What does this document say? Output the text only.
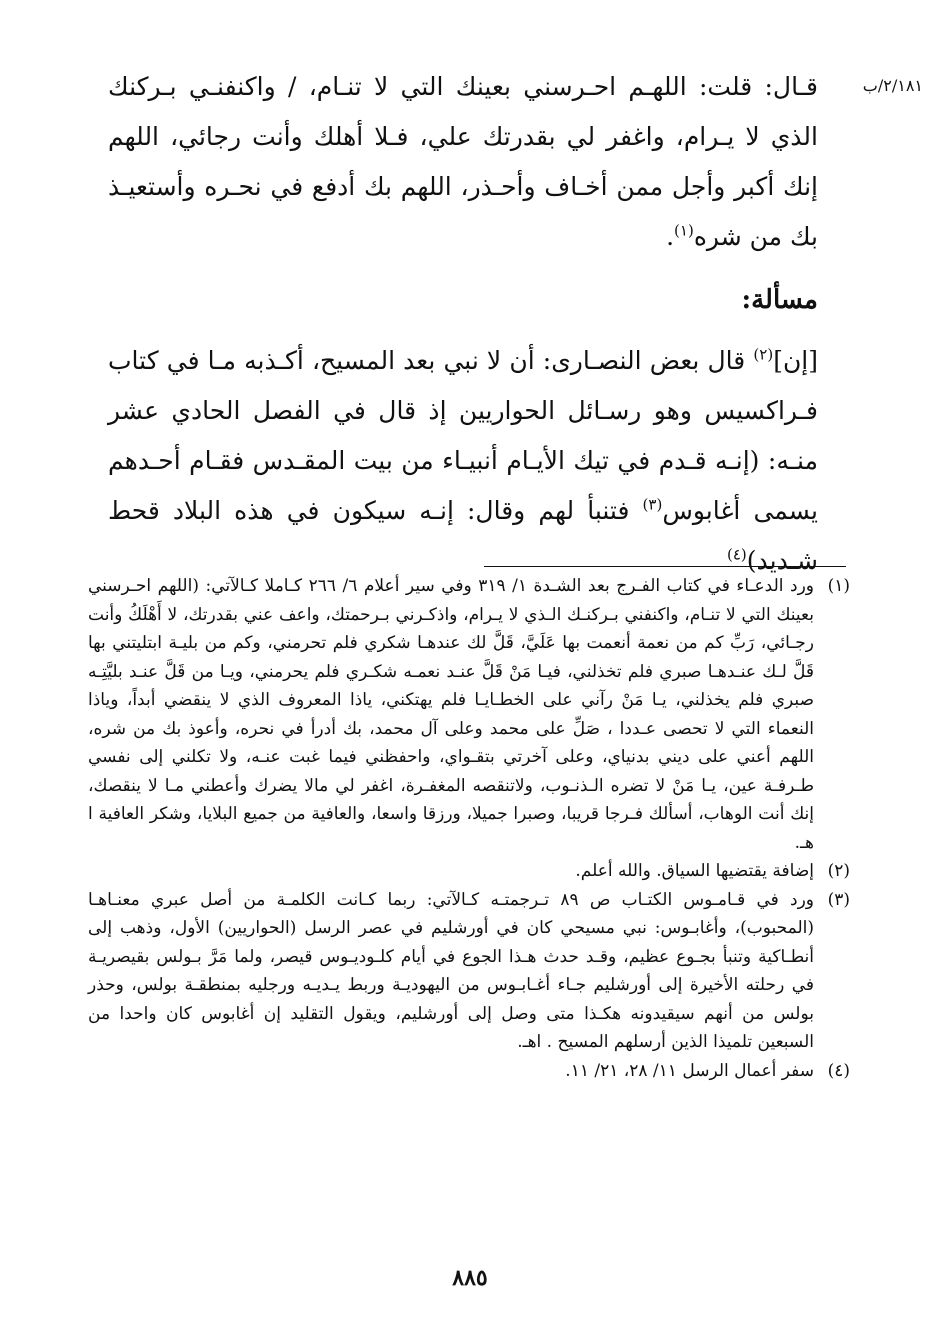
٢/١٨١/ب

قـال: قلت: اللهـم احـرسني بعينك التي لا تنـام، / واكنفنـي بـركنك الذي لا يـرام، واغفر لي بقدرتك علي، فـلا أهلك وأنت رجائي، اللهم إنك أكبر وأجل ممن أخـاف وأحـذر، اللهم بك أدفع في نحـره وأستعيـذ بك من شره$^{(١)}$.

مسألة:

[إن]$^{(٢)}$ قال بعض النصـارى: أن لا نبي بعد المسيح، أكـذبه مـا في كتاب فـراكسيس وهو رسـائل الحواريين إذ قال في الفصل الحادي عشر منـه: (إنـه قـدم في تيك الأيـام أنبيـاء من بيت المقـدس فقـام أحـدهم يسمى أغابوس$^{(٣)}$ فتنبأ لهم وقال: إنـه سيكون في هذه البلاد قحط شـديد)$^{(٤)}$

(١)ورد الدعـاء في كتاب الفـرج بعد الشـدة ١/ ٣١٩ وفي سير أعلام ٦/ ٢٦٦ كـاملا كـالآتي: (اللهم احـرسني بعينك التي لا تنـام، واكنفني بـركنـك الـذي لا يـرام، واذكـرني بـرحمتك، واعف عني بقدرتك، لا أَهْلَكُ وأنت رجـائي، رَبِّ كم من نعمة أنعمت بها عَلَيَّ، قَلَّ لك عندهـا شكري فلم تحرمني، وكم من بليـة ابتليتني بها قَلَّ لـك عنـدهـا صبري فلم تخذلني، فيـا مَنْ قَلَّ عنـد نعمـه شكـري فلم يحرمني، ويـا من قَلَّ عنـد بليَّتِـه صبري فلم يخذلني، يـا مَنْ رآني على الخطـايـا فلم يهتكني، ياذا المعروف الذي لا ينقضي أبداً، وياذا النعماء التي لا تحصى عـددا ، صَلِّ على محمد وعلى آل محمد، بك أدرأ في نحره، وأعوذ بك من شره، اللهم أعني على ديني بدنياي، وعلى آخرتي بتقـواي، واحفظني فيما غبت عنـه، ولا تكلني إلى نفسي طـرفـة عين، يـا مَنْ لا تضره الـذنـوب، ولاتنقصه المغفـرة، اغفر لي مالا يضرك وأعطني مـا لا ينقصك، إنك أنت الوهاب، أسألك فـرجا قريبا، وصبرا جميلا، ورزقا واسعا، والعافية من جميع البلايا، وشكر العافية ا هـ.

(٢)إضافة يقتضيها السياق. والله أعلم.

(٣)ورد في قـامـوس الكتـاب ص ٨٩ تـرجمتـه كـالآتي: ربما كـانت الكلمـة من أصل عبري معنـاهـا (المحبوب)، وأغابـوس: نبي مسيحي كان في أورشليم في عصر الرسل (الحواريين) الأول، وذهب إلى أنطـاكية وتنبأ بجـوع عظيم، وقـد حدث هـذا الجوع في أيام كلـوديـوس قيصر، ولما مَرَّ بـولس بقيصريـة في رحلته الأخيرة إلى أورشليم جـاء أغـابـوس من اليهوديـة وربط يـديـه ورجليه بمنطقـة بولس، وحذر بولس من أنهم سيقيدونه هكـذا متى وصل إلى أورشليم، ويقول التقليد إن أغابوس كان واحدا من السبعين تلميذا الذين أرسلهم المسيح . اهـ.

(٤)سفر أعمال الرسل ١١/ ٢٨، ٢١/ ١١.

٨٨٥
